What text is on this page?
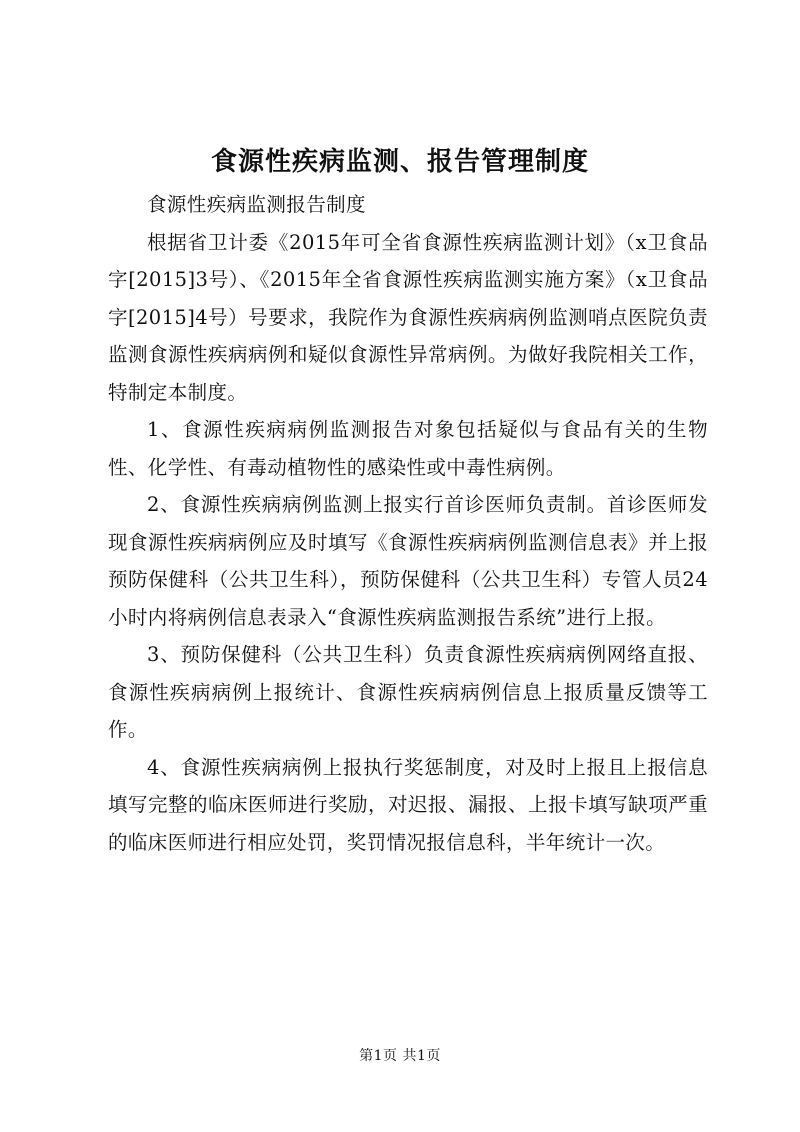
食源性疾病监测、报告管理制度

食源性疾病监测报告制度

根据省卫计委《2015年可全省食源性疾病监测计划》（x卫食品字[2015]3号）、《2015年全省食源性疾病监测实施方案》（x卫食品字[2015]4号）号要求，我院作为食源性疾病病例监测哨点医院负责监测食源性疾病病例和疑似食源性异常病例。为做好我院相关工作，特制定本制度。

1、食源性疾病病例监测报告对象包括疑似与食品有关的生物性、化学性、有毒动植物性的感染性或中毒性病例。

2、食源性疾病病例监测上报实行首诊医师负责制。首诊医师发现食源性疾病病例应及时填写《食源性疾病病例监测信息表》并上报预防保健科（公共卫生科），预防保健科（公共卫生科）专管人员24小时内将病例信息表录入“食源性疾病监测报告系统”进行上报。

3、预防保健科（公共卫生科）负责食源性疾病病例网络直报、食源性疾病病例上报统计、食源性疾病病例信息上报质量反馈等工作。

4、食源性疾病病例上报执行奖惩制度，对及时上报且上报信息填写完整的临床医师进行奖励，对迟报、漏报、上报卡填写缺项严重的临床医师进行相应处罚，奖罚情况报信息科，半年统计一次。

第1页 共1页
